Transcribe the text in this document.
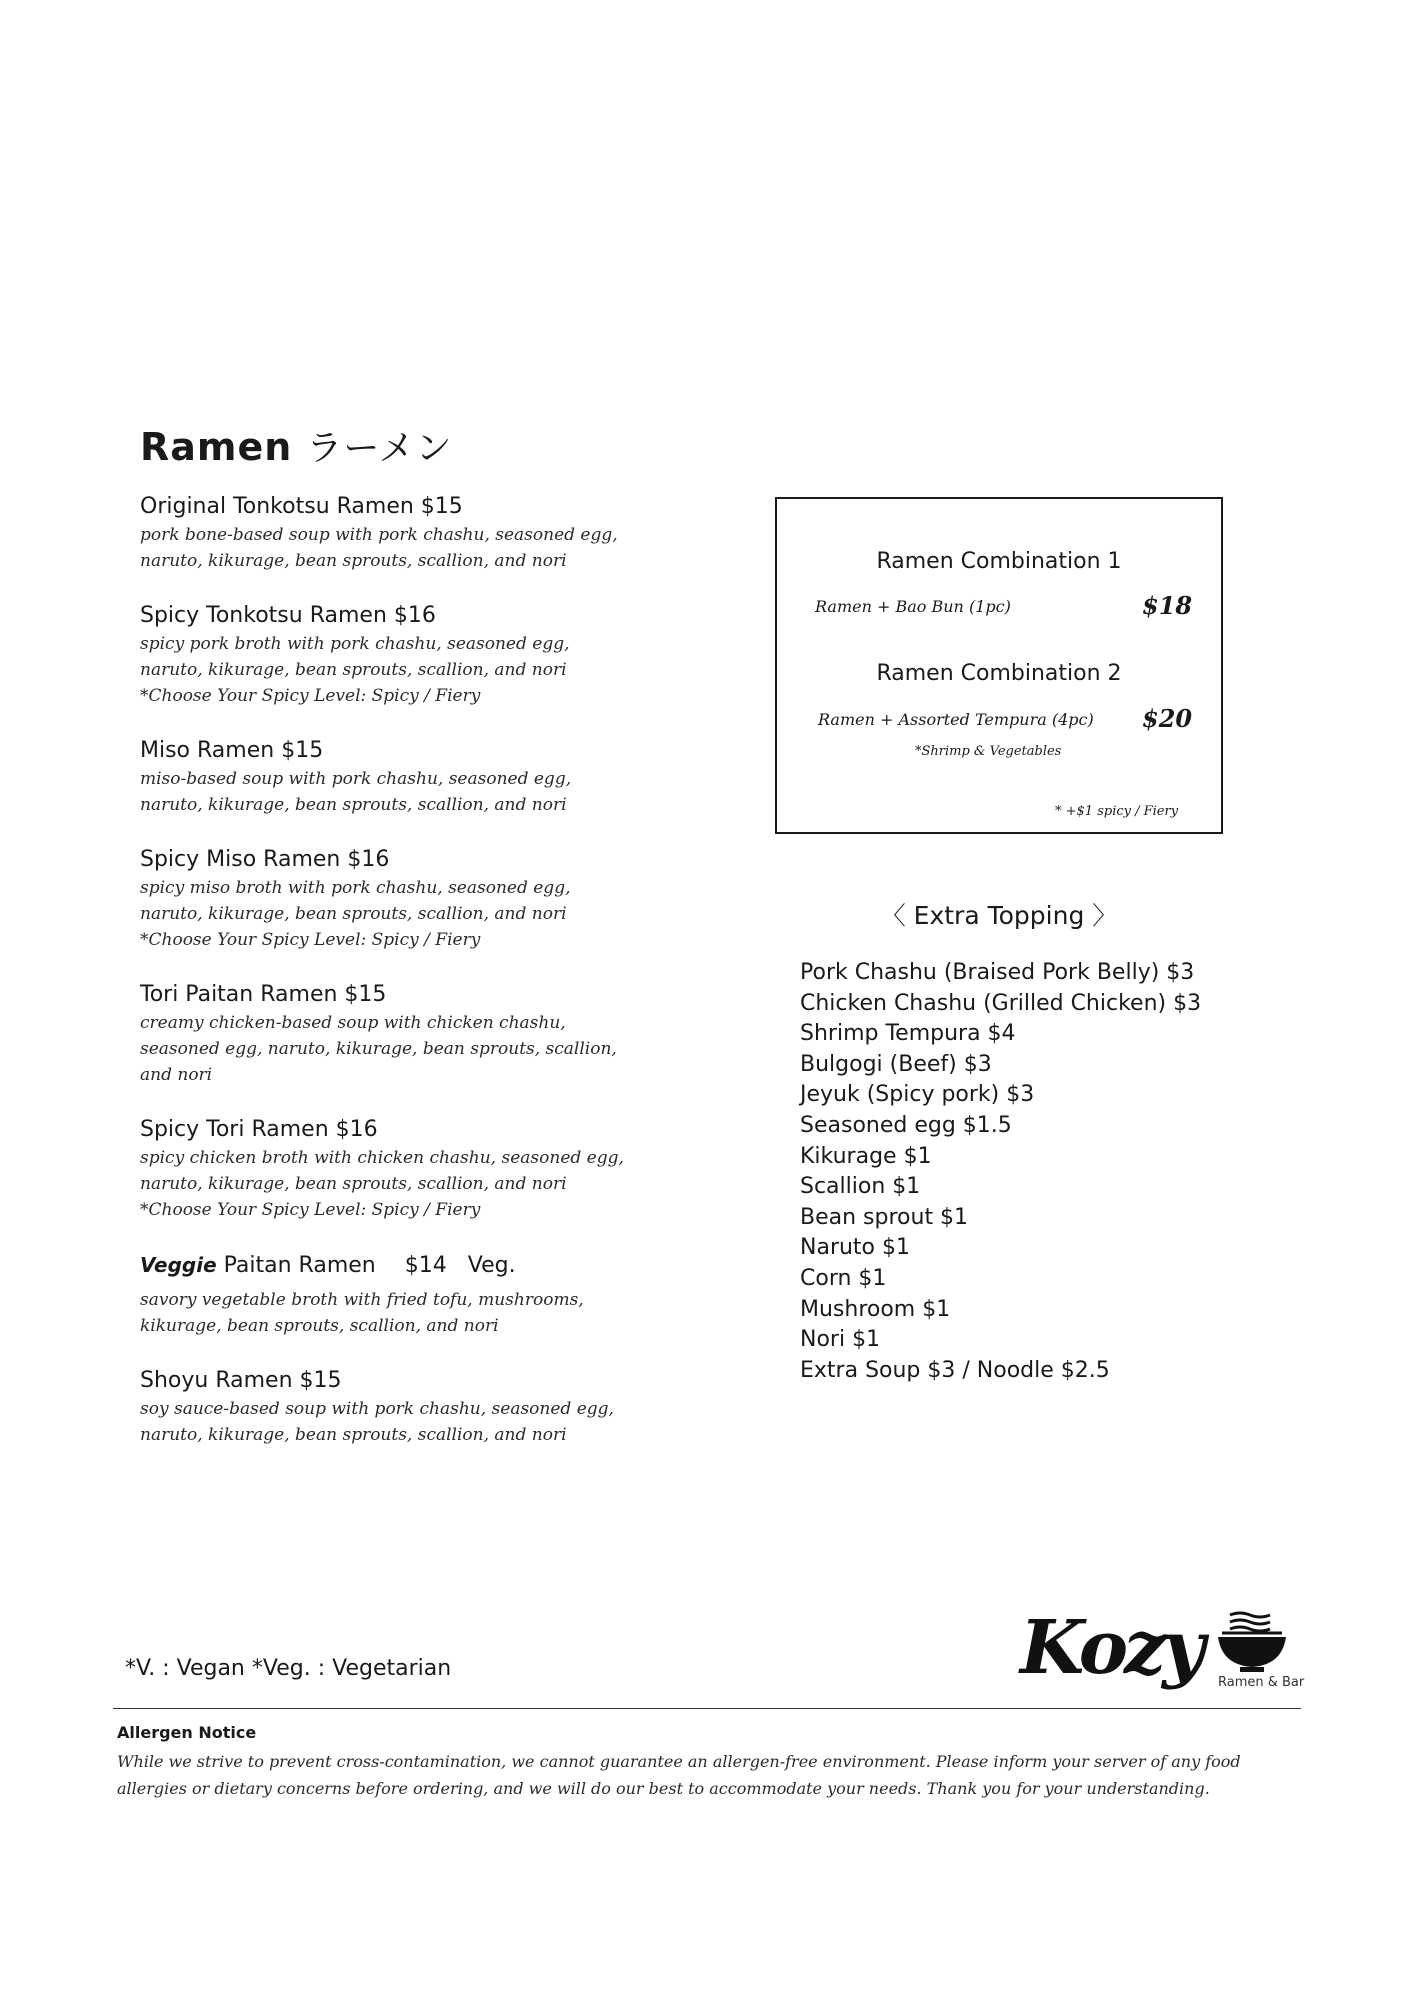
Ramen ラーメン
Original Tonkotsu Ramen $15
pork bone-based soup with pork chashu, seasoned egg,
naruto, kikurage, bean sprouts, scallion, and nori
Spicy Tonkotsu Ramen $16
spicy pork broth with pork chashu, seasoned egg,
naruto, kikurage, bean sprouts, scallion, and nori
*Choose Your Spicy Level: Spicy / Fiery
Miso Ramen $15
miso-based soup with pork chashu, seasoned egg,
naruto, kikurage, bean sprouts, scallion, and nori
Spicy Miso Ramen $16
spicy miso broth with pork chashu, seasoned egg,
naruto, kikurage, bean sprouts, scallion, and nori
*Choose Your Spicy Level: Spicy / Fiery
Tori Paitan Ramen $15
creamy chicken-based soup with chicken chashu,
seasoned egg, naruto, kikurage, bean sprouts, scallion,
and nori
Spicy Tori Ramen $16
spicy chicken broth with chicken chashu, seasoned egg,
naruto, kikurage, bean sprouts, scallion, and nori
*Choose Your Spicy Level: Spicy / Fiery
Veggie Paitan Ramen $14 Veg.
savory vegetable broth with fried tofu, mushrooms,
kikurage, bean sprouts, scallion, and nori
Shoyu Ramen $15
soy sauce-based soup with pork chashu, seasoned egg,
naruto, kikurage, bean sprouts, scallion, and nori
Ramen Combination 1
Ramen + Bao Bun (1pc)	$18
Ramen Combination 2
Ramen + Assorted Tempura (4pc) $20
*Shrimp & Vegetables
* +$1 spicy / Fiery
〈 Extra Topping 〉
Pork Chashu (Braised Pork Belly) $3
Chicken Chashu (Grilled Chicken) $3
Shrimp Tempura $4
Bulgogi (Beef) $3
Jeyuk (Spicy pork) $3
Seasoned egg $1.5
Kikurage $1
Scallion $1
Bean sprout $1
Naruto $1
Corn $1
Mushroom $1
Nori $1
Extra Soup $3 / Noodle $2.5
*V. : Vegan *Veg. : Vegetarian	Kozy Ramen & Bar
Allergen Notice
While we strive to prevent cross-contamination, we cannot guarantee an allergen-free environment. Please inform your server of any food allergies or dietary concerns before ordering, and we will do our best to accommodate your needs. Thank you for your understanding.
